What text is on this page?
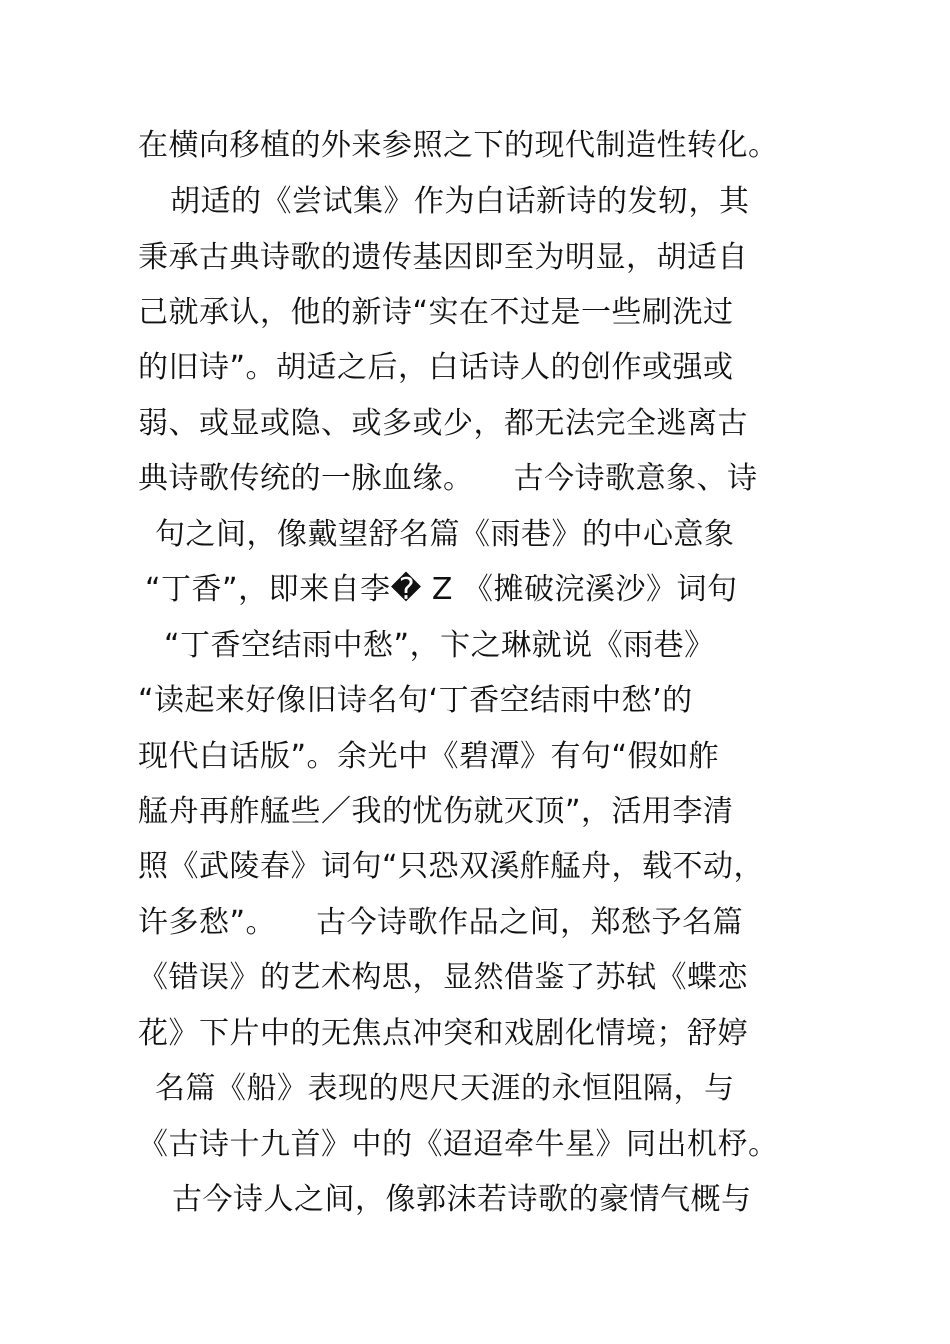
在横向移植的外来参照之下的现代制造性转化。
胡适的《尝试集》作为白话新诗的发轫，其
秉承古典诗歌的遗传基因即至为明显，胡适自
己就承认，他的新诗“实在不过是一些刷洗过
的旧诗”。胡适之后，白话诗人的创作或强或
弱、或显或隐、或多或少，都无法完全逃离古
典诗歌传统的一脉血缘。    古今诗歌意象、诗
句之间，像戴望舒名篇《雨巷》的中心意象
“丁香”，即来自李� Z 《摊破浣溪沙》词句
“丁香空结雨中愁”，卞之琳就说《雨巷》
“读起来好像旧诗名句‘丁香空结雨中愁’的
现代白话版”。余光中《碧潭》有句“假如舴
艋舟再舴艋些／我的忧伤就灭顶”，活用李清
照《武陵春》词句“只恐双溪舴艋舟，载不动，
许多愁”。    古今诗歌作品之间，郑愁予名篇
《错误》的艺术构思，显然借鉴了苏轼《蝶恋
花》下片中的无焦点冲突和戏剧化情境；舒婷
名篇《船》表现的咫尺天涯的永恒阻隔，与
《古诗十九首》中的《迢迢牵牛星》同出机杼。
古今诗人之间，像郭沫若诗歌的豪情气概与
